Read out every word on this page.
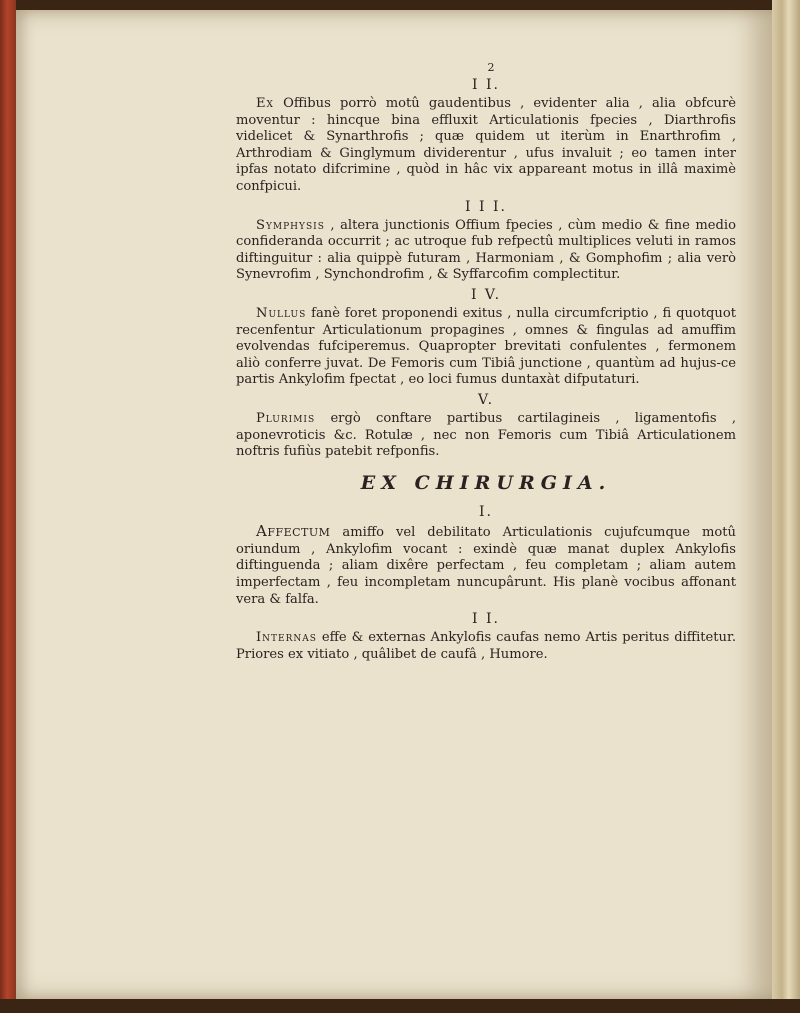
2
I I.

Ex Offibus porrò motû gaudentibus , evidenter alia , alia obfcurè moventur : hincque bina effluxit Articulationis fpecies , Diarthrofis videlicet & Synarthrofis ; quæ quidem ut iterùm in Enarthrofim , Arthrodiam & Ginglymum dividerentur , ufus invaluit ; eo tamen inter ipfas notato difcrimine , quòd in hâc vix appareant motus in illâ maximè confpicui.

I I I.

Symphysis , altera junctionis Offium fpecies , cùm medio & fine medio confideranda occurrit ; ac utroque fub refpectû multiplices veluti in ramos diftinguitur : alia quippè futuram , Harmoniam , & Gomphofim ; alia verò Synevrofim , Synchondrofim , & Syffarcofim complectitur.

I V.

Nullus fanè foret proponendi exitus , nulla circumfcriptio , fi quotquot recenfentur Articulationum propagines , omnes & fingulas ad amuffim evolvendas fufciperemus. Quapropter brevitati confulentes , fermonem aliò conferre juvat. De Femoris cum Tibiâ junctione , quantùm ad hujus-ce partis Ankylofim fpectat , eo loci fumus duntaxàt difputaturi.

V.

Plurimis ergò conftare partibus cartilagineis , ligamentofis , aponevroticis &c. Rotulæ , nec non Femoris cum Tibiâ Articulationem noftris fufiùs patebit refponfis.

EX CHIRURGIA.
I.

Affectum amiffo vel debilitato Articulationis cujufcumque motû oriundum , Ankylofim vocant : exindè quæ manat duplex Ankylofis diftinguenda ; aliam dixêre perfectam , feu completam ; aliam autem imperfectam , feu incompletam nuncupârunt. His planè vocibus affonant vera & falfa.

I I.

Internas effe & externas Ankylofis caufas nemo Artis peritus diffitetur. Priores ex vitiato , quâlibet de caufâ , Humore.
